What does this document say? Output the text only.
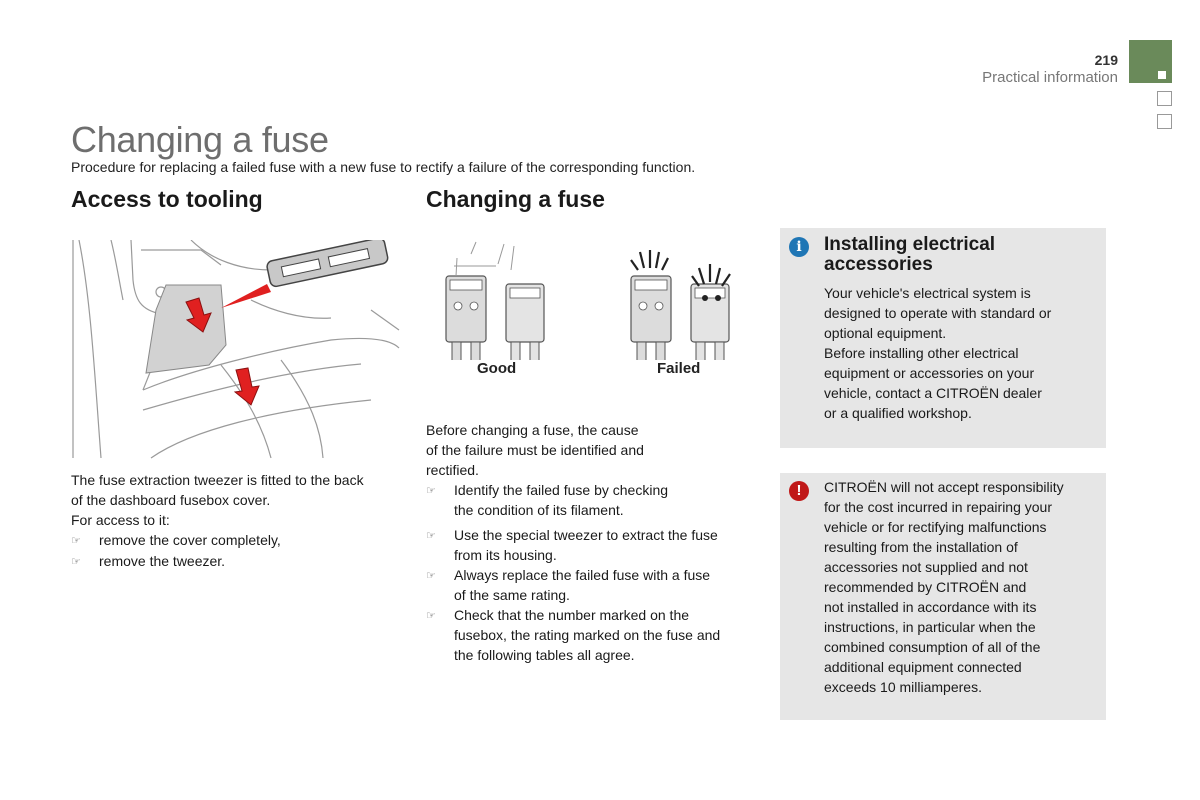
219
Practical information
Changing a fuse
Procedure for replacing a failed fuse with a new fuse to rectify a failure of the corresponding function.
Access to tooling	Changing a fuse
The fuse extraction tweezer is fitted to the back
of the dashboard fusebox cover.
For access to it:
☞	remove the cover completely,
☞	remove the tweezer.
Good	Failed
Before changing a fuse, the cause
of the failure must be identified and
rectified.
☞	Identify the failed fuse by checking
the condition of its filament.
☞	Use the special tweezer to extract the fuse
from its housing.
☞	Always replace the failed fuse with a fuse
of the same rating.
☞	Check that the number marked on the
fusebox, the rating marked on the fuse and
the following tables all agree.
i	Installing electrical
accessories
Your vehicle's electrical system is
designed to operate with standard or
optional equipment.
Before installing other electrical
equipment or accessories on your
vehicle, contact a CITROËN dealer
or a qualified workshop.
!	CITROËN will not accept responsibility
for the cost incurred in repairing your
vehicle or for rectifying malfunctions
resulting from the installation of
accessories not supplied and not
recommended by CITROËN and
not installed in accordance with its
instructions, in particular when the
combined consumption of all of the
additional equipment connected
exceeds 10 milliamperes.
